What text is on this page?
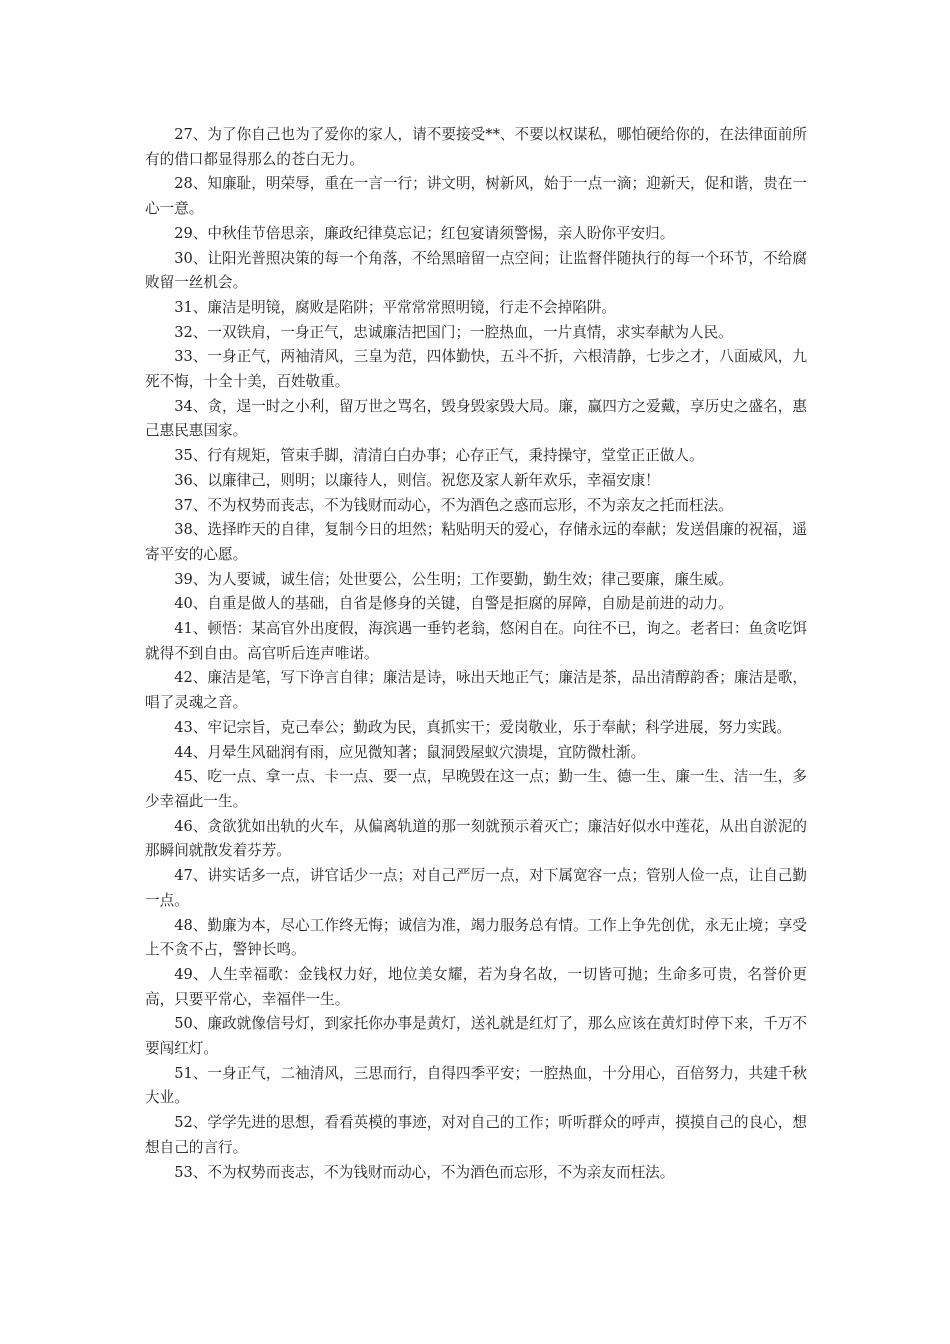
27、为了你自己也为了爱你的家人，请不要接受**、不要以权谋私，哪怕硬给你的，在法律面前所有的借口都显得那么的苍白无力。

28、知廉耻，明荣辱，重在一言一行；讲文明，树新风，始于一点一滴；迎新天，促和谐，贵在一心一意。

29、中秋佳节倍思亲，廉政纪律莫忘记；红包宴请须警惕，亲人盼你平安归。

30、让阳光普照决策的每一个角落，不给黑暗留一点空间；让监督伴随执行的每一个环节，不给腐败留一丝机会。

31、廉洁是明镜，腐败是陷阱；平常常常照明镜，行走不会掉陷阱。

32、一双铁肩，一身正气，忠诚廉洁把国门；一腔热血，一片真情，求实奉献为人民。

33、一身正气，两袖清风，三皇为范，四体勤快，五斗不折，六根清静，七步之才，八面威风，九死不悔，十全十美，百姓敬重。

34、贪，逞一时之小利，留万世之骂名，毁身毁家毁大局。廉，赢四方之爱戴，享历史之盛名，惠己惠民惠国家。

35、行有规矩，管束手脚，清清白白办事；心存正气，秉持操守，堂堂正正做人。

36、以廉律己，则明；以廉待人，则信。祝您及家人新年欢乐，幸福安康！

37、不为权势而丧志，不为钱财而动心，不为酒色之惑而忘形，不为亲友之托而枉法。

38、选择昨天的自律，复制今日的坦然；粘贴明天的爱心，存储永远的奉献；发送倡廉的祝福，遥寄平安的心愿。

39、为人要诚，诚生信；处世要公，公生明；工作要勤，勤生效；律己要廉，廉生威。

40、自重是做人的基础，自省是修身的关键，自警是拒腐的屏障，自励是前进的动力。

41、顿悟：某高官外出度假，海滨遇一垂钓老翁，悠闲自在。向往不已，询之。老者曰：鱼贪吃饵就得不到自由。高官听后连声唯诺。

42、廉洁是笔，写下诤言自律；廉洁是诗，咏出天地正气；廉洁是茶，品出清醇韵香；廉洁是歌，唱了灵魂之音。

43、牢记宗旨，克己奉公；勤政为民，真抓实干；爱岗敬业，乐于奉献；科学进展，努力实践。

44、月晕生风础润有雨，应见微知著；鼠洞毁屋蚁穴溃堤，宜防微杜渐。

45、吃一点、拿一点、卡一点、要一点，早晚毁在这一点；勤一生、德一生、廉一生、洁一生，多少幸福此一生。

46、贪欲犹如出轨的火车，从偏离轨道的那一刻就预示着灭亡；廉洁好似水中莲花，从出自淤泥的那瞬间就散发着芬芳。

47、讲实话多一点，讲官话少一点；对自己严厉一点，对下属宽容一点；管别人俭一点，让自己勤一点。

48、勤廉为本，尽心工作终无悔；诚信为准，竭力服务总有情。工作上争先创优，永无止境；享受上不贪不占，警钟长鸣。

49、人生幸福歌：金钱权力好，地位美女耀，若为身名故，一切皆可抛；生命多可贵，名誉价更高，只要平常心，幸福伴一生。

50、廉政就像信号灯，到家托你办事是黄灯，送礼就是红灯了，那么应该在黄灯时停下来，千万不要闯红灯。

51、一身正气，二袖清风，三思而行，自得四季平安；一腔热血，十分用心，百倍努力，共建千秋大业。

52、学学先进的思想，看看英模的事迹，对对自己的工作；听听群众的呼声，摸摸自己的良心，想想自己的言行。

53、不为权势而丧志，不为钱财而动心，不为酒色而忘形，不为亲友而枉法。
